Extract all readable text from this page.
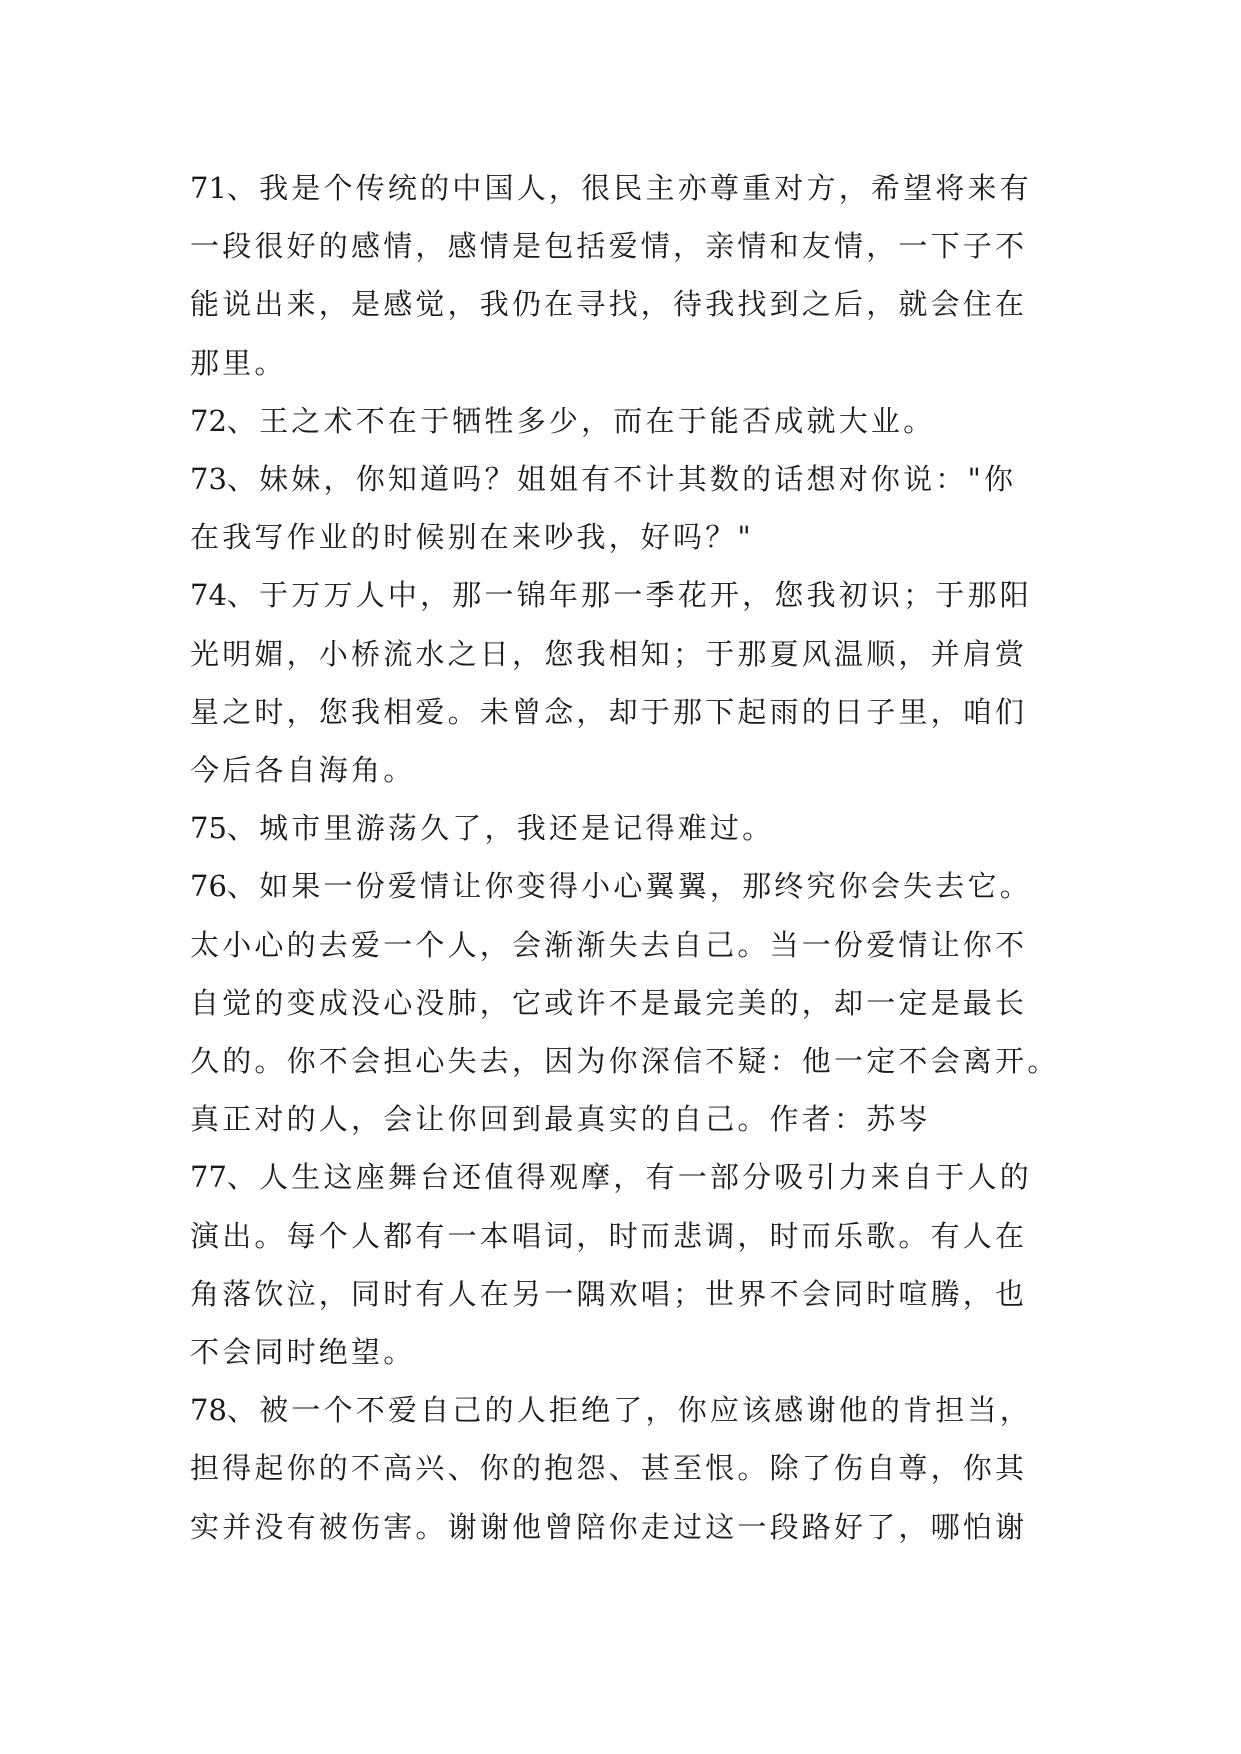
71、我是个传统的中国人，很民主亦尊重对方，希望将来有
一段很好的感情，感情是包括爱情，亲情和友情，一下子不
能说出来，是感觉，我仍在寻找，待我找到之后，就会住在
那里。

72、王之术不在于牺牲多少，而在于能否成就大业。

73、妹妹，你知道吗？姐姐有不计其数的话想对你说："你
在我写作业的时候别在来吵我，好吗？"

74、于万万人中，那一锦年那一季花开，您我初识；于那阳
光明媚，小桥流水之日，您我相知；于那夏风温顺，并肩赏
星之时，您我相爱。未曾念，却于那下起雨的日子里，咱们
今后各自海角。

75、城市里游荡久了，我还是记得难过。

76、如果一份爱情让你变得小心翼翼，那终究你会失去它。
太小心的去爱一个人，会渐渐失去自己。当一份爱情让你不
自觉的变成没心没肺，它或许不是最完美的，却一定是最长
久的。你不会担心失去，因为你深信不疑：他一定不会离开。
真正对的人，会让你回到最真实的自己。作者：苏岑

77、人生这座舞台还值得观摩，有一部分吸引力来自于人的
演出。每个人都有一本唱词，时而悲调，时而乐歌。有人在
角落饮泣，同时有人在另一隅欢唱；世界不会同时喧腾，也
不会同时绝望。

78、被一个不爱自己的人拒绝了，你应该感谢他的肯担当，
担得起你的不高兴、你的抱怨、甚至恨。除了伤自尊，你其
实并没有被伤害。谢谢他曾陪你走过这一段路好了，哪怕谢
